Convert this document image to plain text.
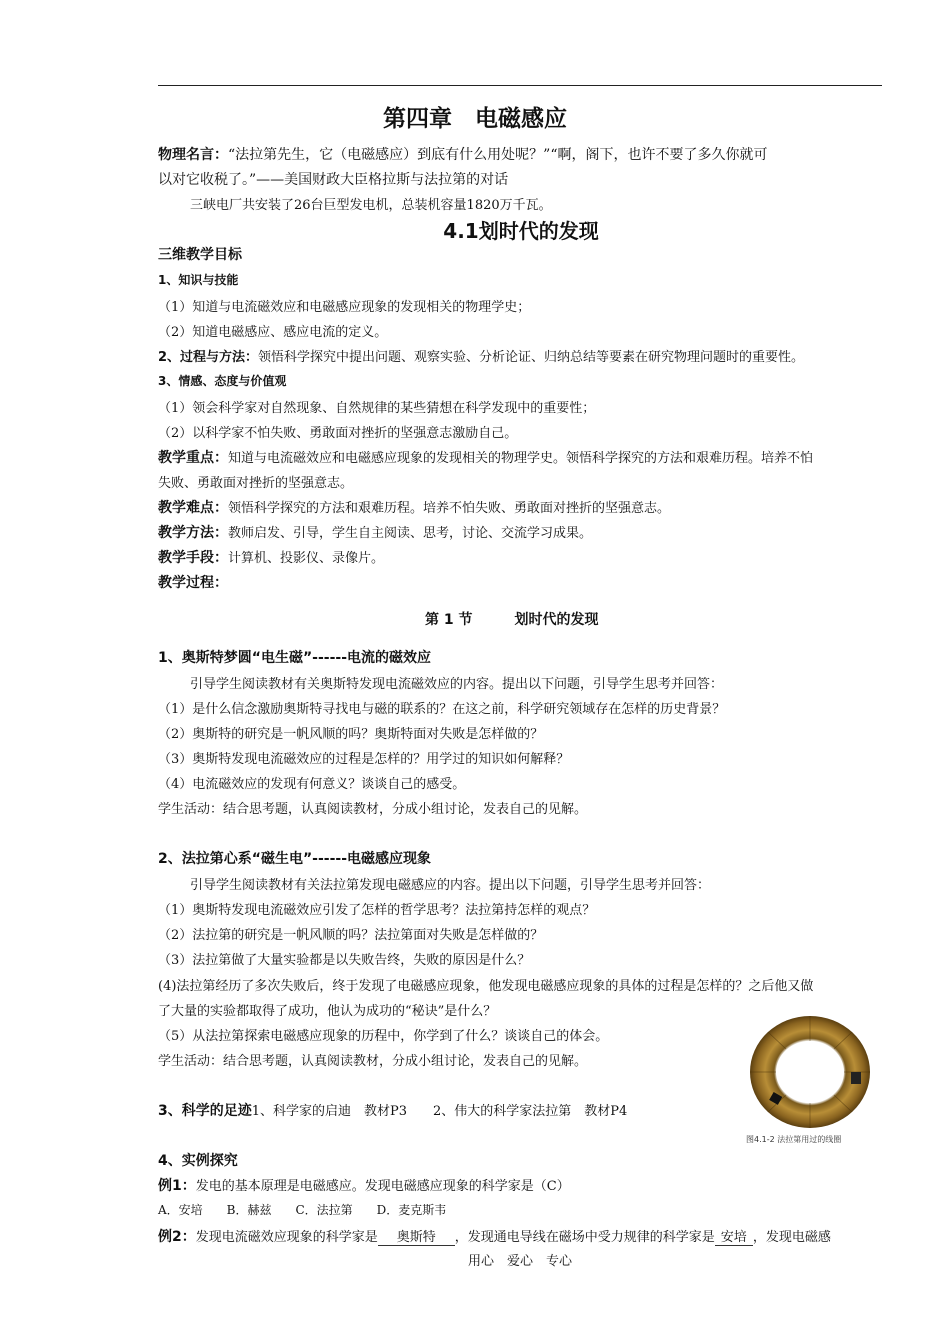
第四章　电磁感应
物理名言：“法拉第先生，它（电磁感应）到底有什么用处呢？”“啊，阁下，也许不要了多久你就可
以对它收税了。”——美国财政大臣格拉斯与法拉第的对话
三峡电厂共安装了26台巨型发电机，总装机容量1820万千瓦。
4.1划时代的发现
三维教学目标
1、知识与技能
（1）知道与电流磁效应和电磁感应现象的发现相关的物理学史；
（2）知道电磁感应、感应电流的定义。
2、过程与方法：领悟科学探究中提出问题、观察实验、分析论证、归纳总结等要素在研究物理问题时的重要性。
3、情感、态度与价值观
（1）领会科学家对自然现象、自然规律的某些猜想在科学发现中的重要性；
（2）以科学家不怕失败、勇敢面对挫折的坚强意志激励自己。
教学重点：知道与电流磁效应和电磁感应现象的发现相关的物理学史。领悟科学探究的方法和艰难历程。培养不怕
失败、勇敢面对挫折的坚强意志。
教学难点：领悟科学探究的方法和艰难历程。培养不怕失败、勇敢面对挫折的坚强意志。
教学方法：教师启发、引导，学生自主阅读、思考，讨论、交流学习成果。
教学手段：计算机、投影仪、录像片。
教学过程：
第 1 节　　　划时代的发现
1、奥斯特梦圆“电生磁”------电流的磁效应
引导学生阅读教材有关奥斯特发现电流磁效应的内容。提出以下问题，引导学生思考并回答：
（1）是什么信念激励奥斯特寻找电与磁的联系的？在这之前，科学研究领域存在怎样的历史背景？
（2）奥斯特的研究是一帆风顺的吗？奥斯特面对失败是怎样做的？
（3）奥斯特发现电流磁效应的过程是怎样的？用学过的知识如何解释？
（4）电流磁效应的发现有何意义？谈谈自己的感受。
学生活动：结合思考题，认真阅读教材，分成小组讨论，发表自己的见解。
2、法拉第心系“磁生电”------电磁感应现象
引导学生阅读教材有关法拉第发现电磁感应的内容。提出以下问题，引导学生思考并回答：
（1）奥斯特发现电流磁效应引发了怎样的哲学思考？法拉第持怎样的观点？
（2）法拉第的研究是一帆风顺的吗？法拉第面对失败是怎样做的？
（3）法拉第做了大量实验都是以失败告终，失败的原因是什么？
(4)法拉第经历了多次失败后，终于发现了电磁感应现象，他发现电磁感应现象的具体的过程是怎样的？之后他又做
了大量的实验都取得了成功，他认为成功的“秘诀”是什么？
（5）从法拉第探索电磁感应现象的历程中，你学到了什么？谈谈自己的体会。
学生活动：结合思考题，认真阅读教材，分成小组讨论，发表自己的见解。
3、科学的足迹1、科学家的启迪　教材P3　　2、伟大的科学家法拉第　教材P4
图4.1-2 法拉第用过的线圈
4、实例探究
例1：发电的基本原理是电磁感应。发现电磁感应现象的科学家是（C）
A．安培　　B．赫兹　　C．法拉第　　D．麦克斯韦
例2：发现电流磁效应现象的科学家是　奥斯特　，发现通电导线在磁场中受力规律的科学家是 安培 ，发现电磁感
用心　爱心　专心
